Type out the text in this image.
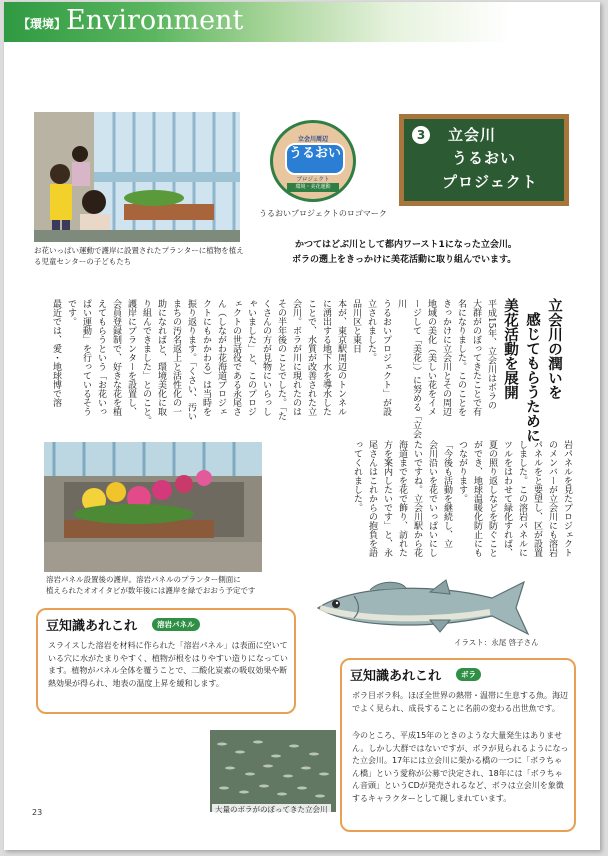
【環境】 Environment
お花いっぱい運動で護岸に設置されたプランターに植物を植える児童センターの子どもたち
立会川周辺
うるおい
プロジェクト
環境・美花運動
うるおいプロジェクトのロゴマーク
3	立会川
うるおい
プロジェクト
かつてはどぶ川として都内ワースト1になった立会川。
ボラの遡上をきっかけに美花活動に取り組んでいます。
立会川の潤いを
感じてもらうために
美花活動を展開
平成15年、立会川はボラの
大群がのぼってきたことで有
名になりました。このことを
きっかけに立会川とその周辺
地域の美化（美しい花をイメ
ージして「美花」）に努める「立会川
うるおいプロジェクト」が設
立されました。
品川区と東日
本が、東京駅周辺のトンネル
に湧出する地下水を導水した
ことで、水質が改善された立
会川。ボラが川に現れたのは
その半年後のことでした。「た
くさんの方が見物にいらっし
ゃいました」と、このプロジ
ェクトの世話役である永尾さ
ん（しながわ花海道プロジェ
クトにもかかわる）は当時を
振り返ります。「くさい、汚い
まちの汚名返上と活性化の一
助になればと、環境美化に取
り組んできました」とのこと。
護岸にプランターを設置し、
会員登録制で、好きな花を植
えてもらうという「お花いっ
ぱい運動」を行っているそう
です。
最近では、愛・地球博で溶
岩パネルを見たプロジェクト
のメンバーが立会川にも溶岩
パネルをと要望し、区が設置
しました。この溶岩パネルに
ツルをはわせて緑化すれば、
夏の照り返しなどを防ぐこと
ができ、地球温暖化防止にも
つながります。
「今後も活動を継続し、立
会川沿いを花でいっぱいにし
たいですね。立会川駅から花
海道までを花で飾り、訪れた
方を案内したいです」と、永
尾さんはこれからの抱負を語
ってくれました。
溶岩パネル設置後の護岸。溶岩パネルのプランター側面に
植えられたオオイタビが数年後には護岸を緑でおおう予定です
豆知識あれこれ	溶岩パネル
スライスした溶岩を材料に作られた「溶岩パネル」は表面に空いている穴に水がたまりやすく、植物が根をはりやすい造りになっています。植物がパネル全体を覆うことで、二酸化炭素の吸収効果や断熱効果が得られ、地表の温度上昇を緩和します。
イラスト：永尾 啓子さん
豆知識あれこれ	ボラ
ボラ目ボラ科。ほぼ全世界の熱帯・温帯に生息する魚。海辺でよく見られ、成長することに名前の変わる出世魚です。
今のところ、平成15年のときのような大量発生はありません。しかし大群ではないですが、ボラが見られるようになった立会川。17年には立会川に架かる橋の一つに「ボラちゃん橋」という愛称が公募で決定され、18年には「ボラちゃん音頭」というCDが発売されるなど、ボラは立会川を象徴するキャラクターとして親しまれています。
大量のボラがのぼってきた立会川
23
